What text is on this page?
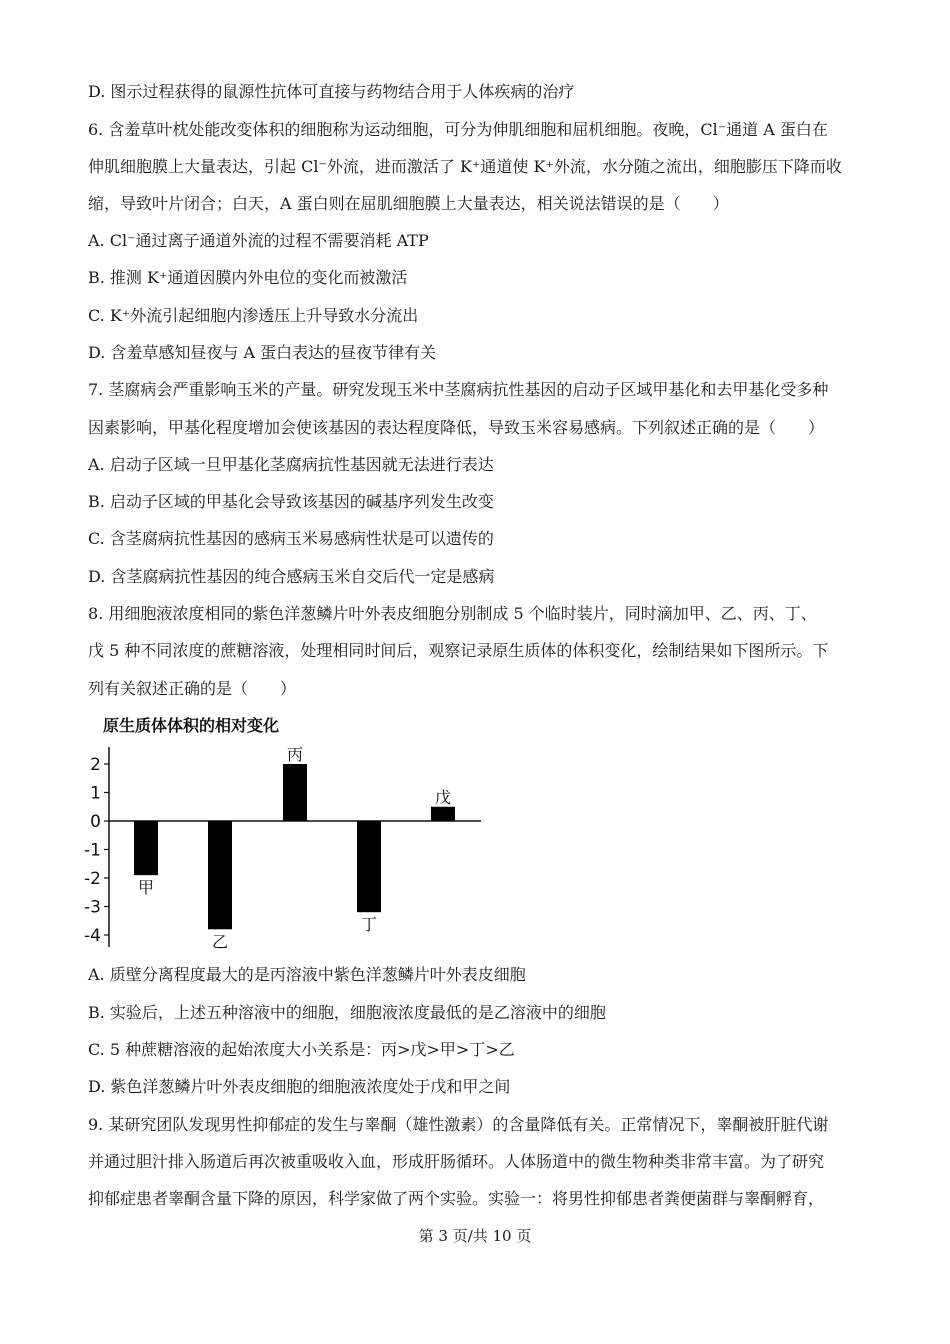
D. 图示过程获得的鼠源性抗体可直接与药物结合用于人体疾病的治疗
6. 含羞草叶枕处能改变体积的细胞称为运动细胞，可分为伸肌细胞和屈机细胞。夜晚，Cl⁻通道 A 蛋白在
伸肌细胞膜上大量表达，引起 Cl⁻外流，进而激活了 K⁺通道使 K⁺外流，水分随之流出，细胞膨压下降而收
缩，导致叶片闭合；白天，A 蛋白则在屈肌细胞膜上大量表达，相关说法错误的是（　　）
A. Cl⁻通过离子通道外流的过程不需要消耗 ATP
B. 推测 K⁺通道因膜内外电位的变化而被激活
C. K⁺外流引起细胞内渗透压上升导致水分流出
D. 含羞草感知昼夜与 A 蛋白表达的昼夜节律有关
7. 茎腐病会严重影响玉米的产量。研究发现玉米中茎腐病抗性基因的启动子区域甲基化和去甲基化受多种
因素影响，甲基化程度增加会使该基因的表达程度降低，导致玉米容易感病。下列叙述正确的是（　　）
A. 启动子区域一旦甲基化茎腐病抗性基因就无法进行表达
B. 启动子区域的甲基化会导致该基因的碱基序列发生改变
C. 含茎腐病抗性基因的感病玉米易感病性状是可以遗传的
D. 含茎腐病抗性基因的纯合感病玉米自交后代一定是感病
8. 用细胞液浓度相同的紫色洋葱鳞片叶外表皮细胞分别制成 5 个临时装片，同时滴加甲、乙、丙、丁、
戊 5 种不同浓度的蔗糖溶液，处理相同时间后，观察记录原生质体的体积变化，绘制结果如下图所示。下
列有关叙述正确的是（　　）
原生质体体积的相对变化
2
1
0
-1
-2
-3
-4
甲
乙
丙
丁
戊
A. 质壁分离程度最大的是丙溶液中紫色洋葱鳞片叶外表皮细胞
B. 实验后，上述五种溶液中的细胞，细胞液浓度最低的是乙溶液中的细胞
C. 5 种蔗糖溶液的起始浓度大小关系是：丙>戊>甲>丁>乙
D. 紫色洋葱鳞片叶外表皮细胞的细胞液浓度处于戊和甲之间
9. 某研究团队发现男性抑郁症的发生与睾酮（雄性激素）的含量降低有关。正常情况下，睾酮被肝脏代谢
并通过胆汁排入肠道后再次被重吸收入血，形成肝肠循环。人体肠道中的微生物种类非常丰富。为了研究
抑郁症患者睾酮含量下降的原因，科学家做了两个实验。实验一：将男性抑郁患者粪便菌群与睾酮孵育，
第 3 页/共 10 页
